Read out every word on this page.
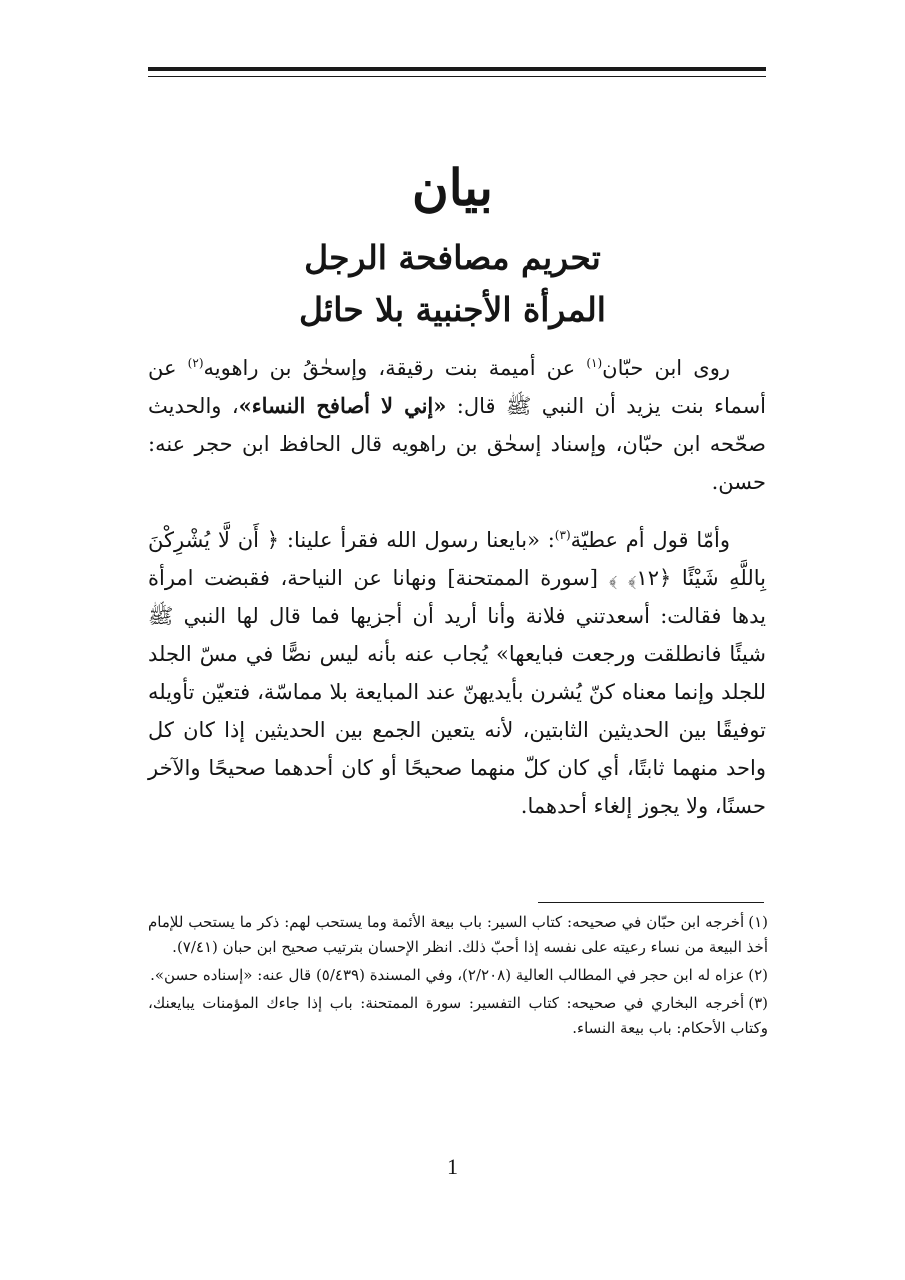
بيان
تحريم مصافحة الرجل
المرأة الأجنبية بلا حائل
روى ابن حبّان$^{(١)}$ عن أميمة بنت رقيقة، وإسحٰقُ بن راهويه$^{(٢)}$ عن أسماء بنت يزيد أن النبي ﷺ قال: «إني لا أصافح النساء»، والحديث صحّحه ابن حبّان، وإسناد إسحٰق بن راهويه قال الحافظ ابن حجر عنه: حسن.
وأمّا قول أم عطيّة$^{(٣)}$: «بايعنا رسول الله فقرأ علينا: ﴿ أَن لَّا يُشْرِكْنَ بِاللَّهِ شَيْئًا ﴿١٢﴾ ﴾ [سورة الممتحنة] ونهانا عن النياحة، فقبضت امرأة يدها فقالت: أسعدتني فلانة وأنا أريد أن أجزيها فما قال لها النبي ﷺ شيئًا فانطلقت ورجعت فبايعها» يُجاب عنه بأنه ليس نصًّا في مسّ الجلد للجلد وإنما معناه كنّ يُشرن بأيديهنّ عند المبايعة بلا مماسّة، فتعيّن تأويله توفيقًا بين الحديثين الثابتين، لأنه يتعين الجمع بين الحديثين إذا كان كل واحد منهما ثابتًا، أي كان كلّ منهما صحيحًا أو كان أحدهما صحيحًا والآخر حسنًا، ولا يجوز إلغاء أحدهما.

(١)أخرجه ابن حبّان في صحيحه: كتاب السير: باب بيعة الأئمة وما يستحب لهم: ذكر ما يستحب للإمام أخذ البيعة من نساء رعيته على نفسه إذا أحبّ ذلك. انظر الإحسان بترتيب صحيح ابن حبان (٧/٤١).

(٢)عزاه له ابن حجر في المطالب العالية (٢/٢٠٨)، وفي المسندة (٥/٤٣٩) قال عنه: «إسناده حسن».

(٣)أخرجه البخاري في صحيحه: كتاب التفسير: سورة الممتحنة: باب إذا جاءك المؤمنات يبايعنك، وكتاب الأحكام: باب بيعة النساء.

1
